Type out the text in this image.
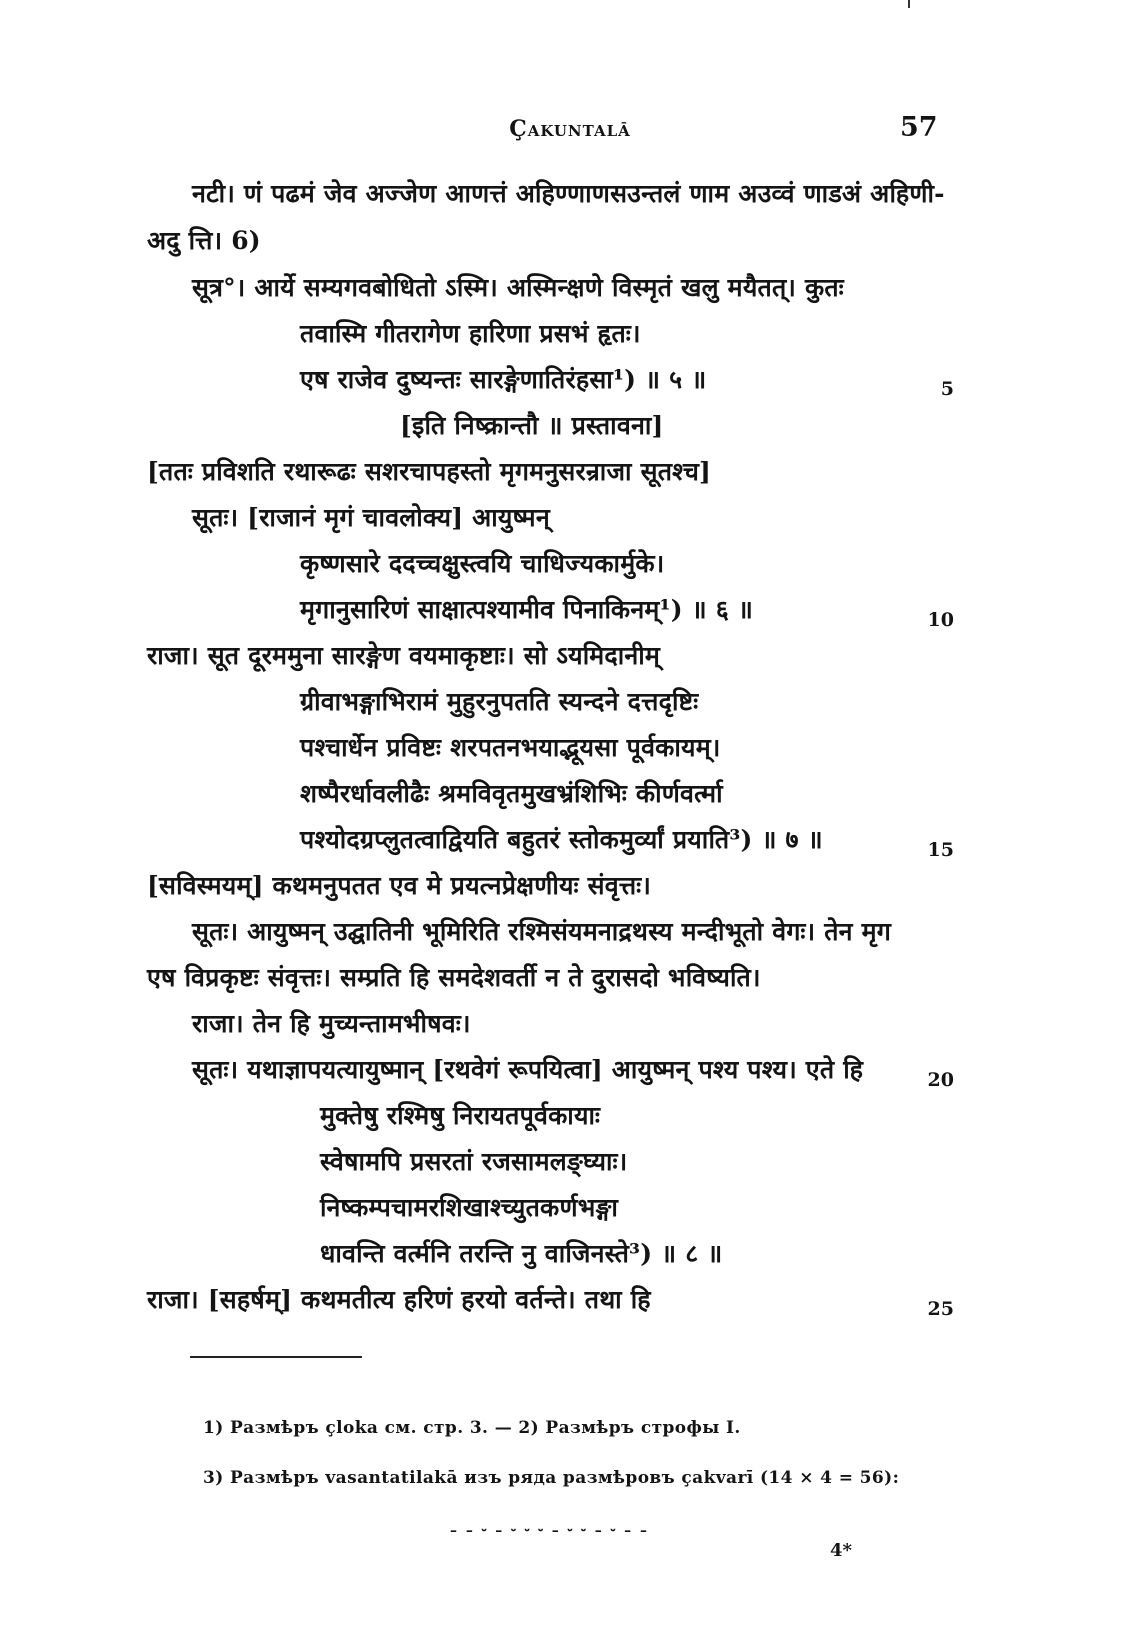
Çakuntalā	57
नटी। णं पढमं जेव अज्जेण आणत्तं अहिण्णाणसउन्तलं णाम अउव्वं णाडअं अहिणी-
अदु त्ति। 6)
सूत्र°। आर्ये सम्यगवबोधितो ऽस्मि। अस्मिन्क्षणे विस्मृतं खलु मयैतत्। कुतः
तवास्मि गीतरागेण हारिणा प्रसभं हृतः।
एष राजेव दुष्यन्तः सारङ्गेणातिरंहसा¹) ॥ ५ ॥
[इति निष्क्रान्तौ ॥ प्रस्तावना]
[ततः प्रविशति रथारूढः सशरचापहस्तो मृगमनुसरन्राजा सूतश्च]
सूतः। [राजानं मृगं चावलोक्य] आयुष्मन्
कृष्णसारे ददच्चक्षुस्त्वयि चाधिज्यकार्मुके।
मृगानुसारिणं साक्षात्पश्यामीव पिनाकिनम्¹) ॥ ६ ॥
राजा। सूत दूरममुना सारङ्गेण वयमाकृष्टाः। सो ऽयमिदानीम्
ग्रीवाभङ्गाभिरामं मुहुरनुपतति स्यन्दने दत्तदृष्टिः
पश्चार्धेन प्रविष्टः शरपतनभयाद्भूयसा पूर्वकायम्।
शष्पैरर्धावलीढैः श्रमविवृतमुखभ्रंशिभिः कीर्णवर्त्मा
पश्योदग्रप्लुतत्वाद्वियति बहुतरं स्तोकमुर्व्यां प्रयाति³) ॥ ७ ॥
[सविस्मयम्] कथमनुपतत एव मे प्रयत्नप्रेक्षणीयः संवृत्तः।
सूतः। आयुष्मन् उद्घातिनी भूमिरिति रश्मिसंयमनाद्रथस्य मन्दीभूतो वेगः। तेन मृग
एष विप्रकृष्टः संवृत्तः। सम्प्रति हि समदेशवर्ती न ते दुरासदो भविष्यति।
राजा। तेन हि मुच्यन्तामभीषवः।
सूतः। यथाज्ञापयत्यायुष्मान् [रथवेगं रूपयित्वा] आयुष्मन् पश्य पश्य। एते हि
मुक्तेषु रश्मिषु निरायतपूर्वकायाः
स्वेषामपि प्रसरतां रजसामलङ्घ्याः।
निष्कम्पचामरशिखाश्च्युतकर्णभङ्गा
धावन्ति वर्त्मनि तरन्ति नु वाजिनस्ते³) ॥ ८ ॥
राजा। [सहर्षम्] कथमतीत्य हरिणं हरयो वर्तन्ते। तथा हि
5
10
15
20
25
1) Размѣръ çloka см. стр. 3. — 2) Размѣръ строфы I.
3) Размѣръ vasantatilakā изъ ряда размѣровъ çakvarī (14 × 4 = 56):
– – ⏑ – ⏑ ⏑ ⏑ – ⏑ ⏑ – ⏑ – –
4*
